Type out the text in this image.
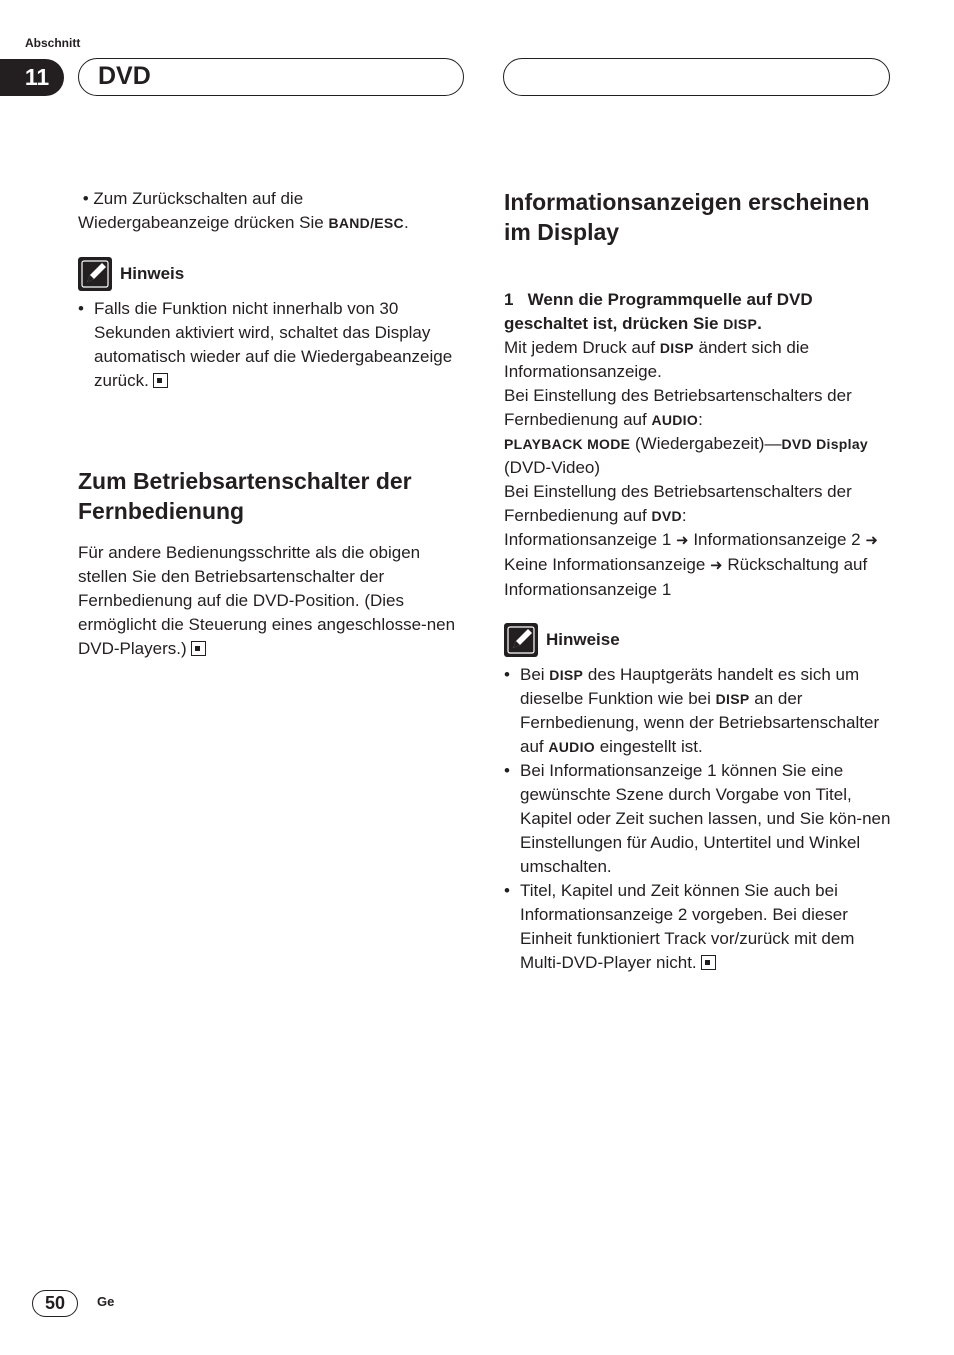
Abschnitt
11	DVD

• Zum Zurückschalten auf die Wiedergabeanzeige drücken Sie BAND/ESC.

Hinweis
• Falls die Funktion nicht innerhalb von 30 Sekunden aktiviert wird, schaltet das Display automatisch wieder auf die Wiedergabeanzeige zurück.

Zum Betriebsartenschalter der Fernbedienung

Für andere Bedienungsschritte als die obigen stellen Sie den Betriebsartenschalter der Fernbedienung auf die DVD-Position. (Dies ermöglicht die Steuerung eines angeschlosse-nen DVD-Players.)

Informationsanzeigen erscheinen im Display

1 Wenn die Programmquelle auf DVD geschaltet ist, drücken Sie DISP.

Mit jedem Druck auf DISP ändert sich die Informationsanzeige.

Bei Einstellung des Betriebsartenschalters der Fernbedienung auf AUDIO:

PLAYBACK MODE (Wiedergabezeit)—DVD Display (DVD-Video)

Bei Einstellung des Betriebsartenschalters der Fernbedienung auf DVD:

Informationsanzeige 1 ➜ Informationsanzeige 2 ➜ Keine Informationsanzeige ➜ Rückschaltung auf Informationsanzeige 1

Hinweise
• Bei DISP des Hauptgeräts handelt es sich um dieselbe Funktion wie bei DISP an der Fernbedienung, wenn der Betriebsartenschalter auf AUDIO eingestellt ist.

• Bei Informationsanzeige 1 können Sie eine gewünschte Szene durch Vorgabe von Titel, Kapitel oder Zeit suchen lassen, und Sie kön-nen Einstellungen für Audio, Untertitel und Winkel umschalten.

• Titel, Kapitel und Zeit können Sie auch bei Informationsanzeige 2 vorgeben. Bei dieser Einheit funktioniert Track vor/zurück mit dem Multi-DVD-Player nicht.

50	Ge
